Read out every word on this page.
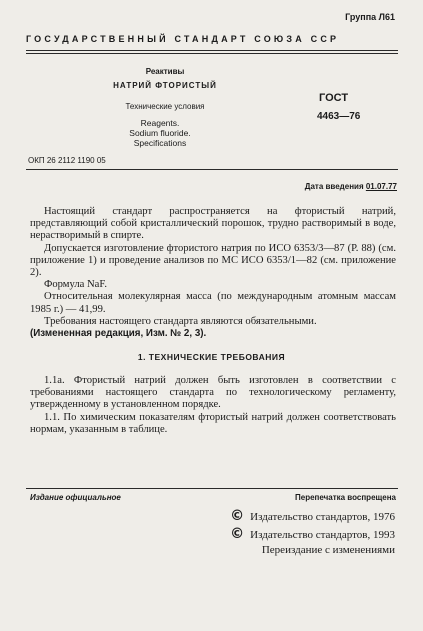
Группа Л61
ГОСУДАРСТВЕННЫЙ СТАНДАРТ СОЮЗА ССР
Реактивы
НАТРИЙ ФТОРИСТЫЙ
Технические условия
Reagents.
Sodium fluoride.
Specifications
ГОСТ
4463—76
ОКП 26 2112 1190 05
Дата введения 01.07.77

Настоящий стандарт распространяется на фтористый натрий, представляющий собой кристаллический порошок, трудно растворимый в воде, нерастворимый в спирте.

Допускается изготовление фтористого натрия по ИСО 6353/3—87 (Р. 88) (см. приложение 1) и проведение анализов по МС ИСО 6353/1—82 (см. приложение 2).

Формула NaF.

Относительная молекулярная масса (по международным атомным массам 1985 г.) — 41,99.

Требования настоящего стандарта являются обязательными.

(Измененная редакция, Изм. № 2, 3).

1. ТЕХНИЧЕСКИЕ ТРЕБОВАНИЯ

1.1а. Фтористый натрий должен быть изготовлен в соответствии с требованиями настоящего стандарта по технологическому регламенту, утвержденному в установленном порядке.

1.1. По химическим показателям фтористый натрий должен соответствовать нормам, указанным в таблице.

Издание официальное	Перепечатка воспрещена
© Издательство стандартов, 1976
© Издательство стандартов, 1993
Переиздание с изменениями
